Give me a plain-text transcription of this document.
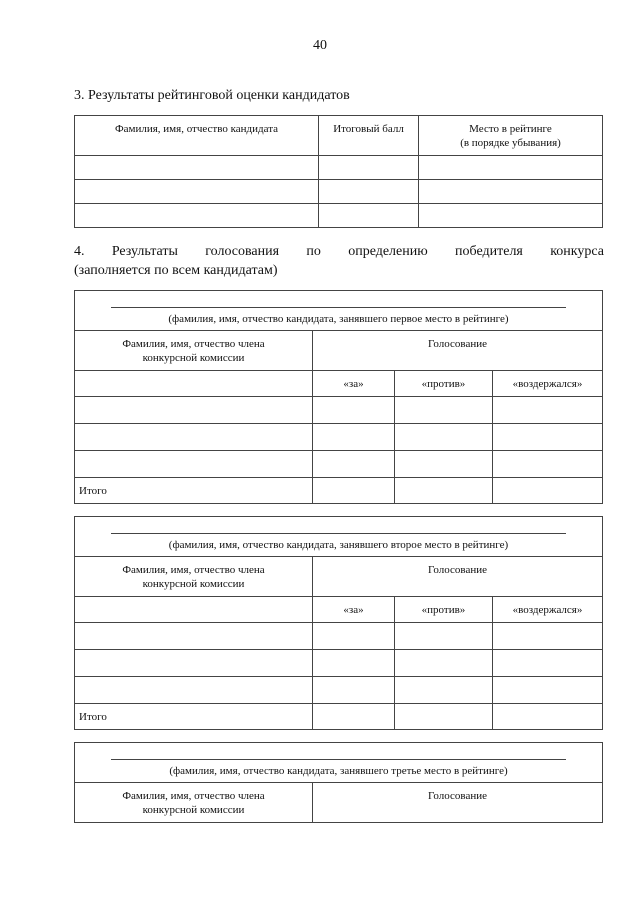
40
3. Результаты рейтинговой оценки кандидатов
Фамилия, имя, отчество кандидата	Итоговый балл	Место в рейтинге
(в порядке убывания)

4. Результаты голосования по определению победителя конкурса
(заполняется по всем кандидатам)
(фамилия, имя, отчество кандидата, занявшего первое место в рейтинге)			

Фамилия, имя, отчество члена
конкурсной комиссии	Голосование		
	«за»	«против»	«воздержался»

Итого			
(фамилия, имя, отчество кандидата, занявшего второе место в рейтинге)			

Фамилия, имя, отчество члена
конкурсной комиссии	Голосование		
	«за»	«против»	«воздержался»

Итого			
(фамилия, имя, отчество кандидата, занявшего третье место в рейтинге)

Фамилия, имя, отчество члена
конкурсной комиссии
	Голосование
